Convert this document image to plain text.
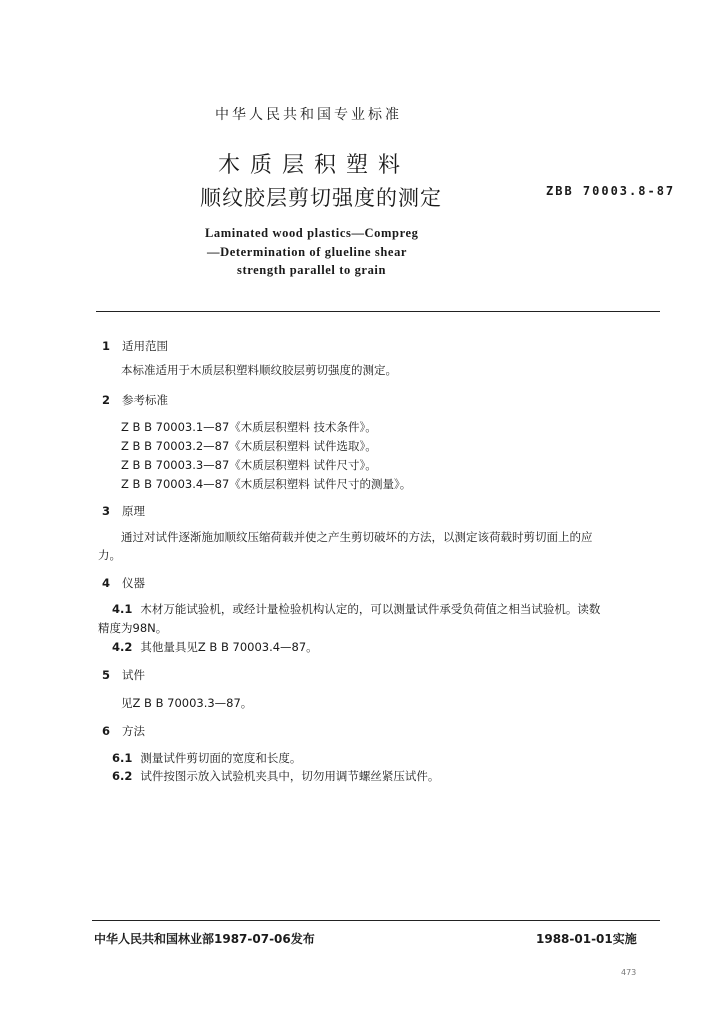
中华人民共和国专业标准
木质层积塑料
顺纹胶层剪切强度的测定	ZBB 70003.8-87
Laminated wood plastics—Compreg
—Determination of glueline shear
strength parallel to grain
1 适用范围
本标准适用于木质层积塑料顺纹胶层剪切强度的测定。
2 参考标准
Z B B 70003.1—87《木质层积塑料 技术条件》。
Z B B 70003.2—87《木质层积塑料 试件选取》。
Z B B 70003.3—87《木质层积塑料 试件尺寸》。
Z B B 70003.4—87《木质层积塑料 试件尺寸的测量》。
3 原理
通过对试件逐渐施加顺纹压缩荷载并使之产生剪切破坏的方法，以测定该荷载时剪切面上的应
力。
4 仪器
4.1 木材万能试验机，或经计量检验机构认定的，可以测量试件承受负荷值之相当试验机。读数
精度为98N。
4.2 其他量具见Z B B 70003.4—87。
5 试件
见Z B B 70003.3—87。
6 方法
6.1 测量试件剪切面的宽度和长度。
6.2 试件按图示放入试验机夹具中，切勿用调节螺丝紧压试件。
中华人民共和国林业部1987-07-06发布	1988-01-01实施
473
